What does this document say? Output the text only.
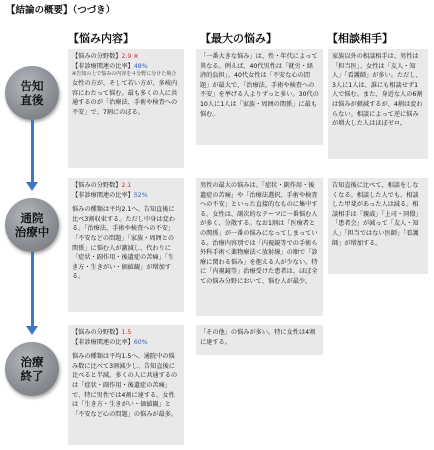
【結論の概要】（つづき）
【悩み内容】	【最大の悩み】	【相談相手】
告知
直後
通院
治療中
治療
終了

【悩みの分野数】2.9 ※

【非診療関連の比率】48%

※告知の上で悩みの内容を４分野に分けた場合

女性の方が、そして若い方が、多岐内容にわたって悩む。最も多くの人に共通するのが「治療法、手術や検査への不安」で、7割にのぼる。

「一番大きな悩み」は、性・年代によって異なる。例えば、40代男性は「就労・経済的負担」。40代女性は「不安な心の問題」が最大で、「治療法、手術や検査への不安」を挙げる人よりずっと多い。30代の10人に1人は「家族・周囲の関係」に最も悩む。

家族以外の相談相手は、男性は「担当医」、女性は「友人・知人」「看護師」が多い。ただし、3人に1人は、誰にも相談せず1人で悩む。また、身近な人の6割は悩みが軽減するが、4割は変わらない。相談によって逆に悩みが増大した人はほぼゼロ。

【悩みの分野数】2.1

【非診療関連の比率】52%

悩みの種類は平均2.1へ。告知直後に比べ3割収束する。ただし中身は変わる。「治療法、手術や検査への不安」「不安などの問題」「家族・周囲との関係」に悩む人が激減し、代わりに「症状・副作用・後遺症の苦痛」「生き方・生きがい・価値観」が増加する。

男性の最大の悩みは、「症状・副作用・後遺症の苦痛」や「治療法選択、手術や検査への不安」といった直接的なものに集中する。女性は、副次的なテーマに一番悩む人が多く、分散する。なお1割は「医療者との関係」が一番の悩みになってしまっている。治療内容別では「内視鏡等での手術ら外科手術＜薬物療法＜放射線」の順で「診療に関わる悩み」を抱える人が少ない。特に「内視鏡等」治療受けた患者は、ほぼ全ての悩み分野において、悩む人が最少。

告知直後に比べて、相談をしなくなる。相談した人でも、相談した甲斐があった人は減る。相談相手は「親戚」「上司・同僚」「患者会」が減って「友人・知人」「担当ではない医師」「看護師」が増加する。

【悩みの分野数】1.5

【非診療関連の比率】60%

悩みの種類は平均1.5へ。通院中の悩み数に比べて3割減少し、告知直後に比べると半減。多くの人に共通するのは「症状・副作用・後遺症の苦痛」で、特に男性では4割に達する。女性は「生き方・生きがい・価値観」と「不安など心の問題」の悩みが最多。

「その他」の悩みが多い。特に女性は4割に達する。
